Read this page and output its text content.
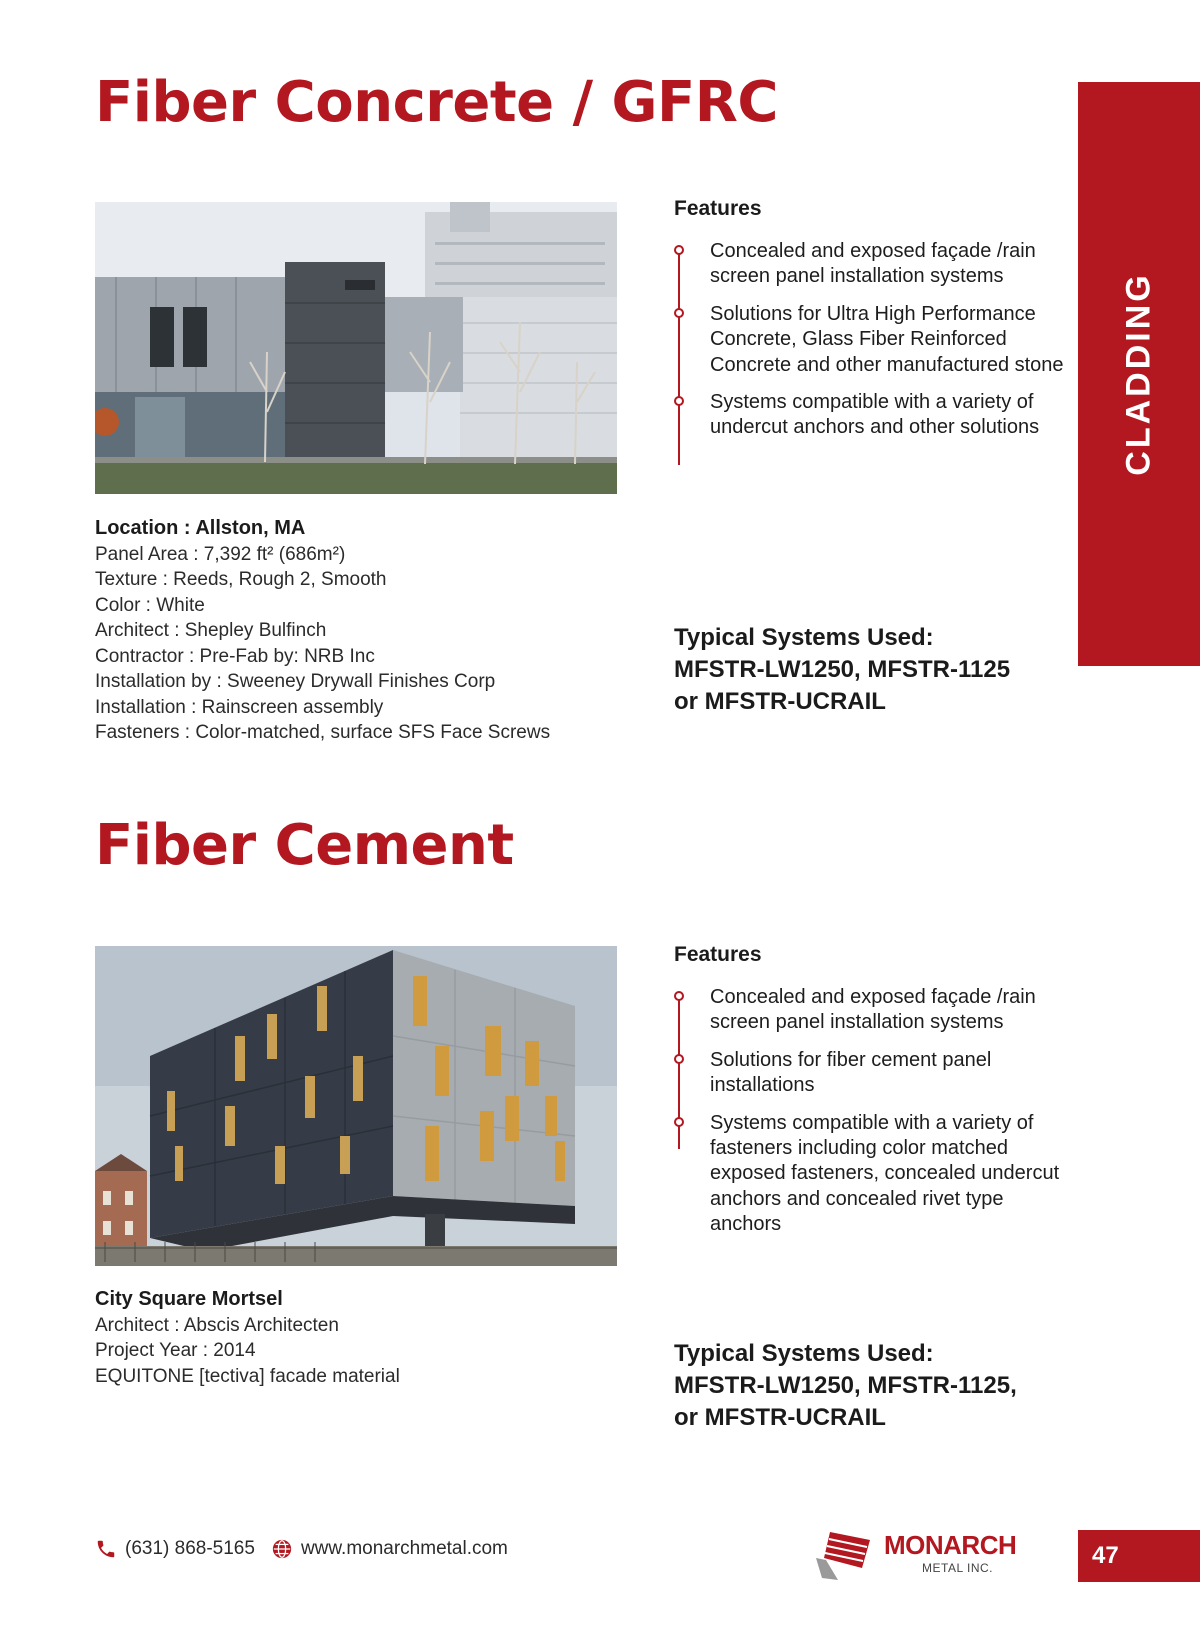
Fiber Concrete / GFRC
Location : Allston, MA
Panel Area : 7,392 ft² (686m²)
Texture : Reeds, Rough 2, Smooth
Color : White
Architect : Shepley Bulfinch
Contractor : Pre-Fab by: NRB Inc
Installation by : Sweeney Drywall Finishes Corp
Installation : Rainscreen assembly
Fasteners : Color-matched, surface SFS Face Screws
Features
Concealed and exposed façade /rain screen panel installation systems
Solutions for Ultra High Performance Concrete, Glass Fiber Reinforced Concrete and other manufactured stone
Systems compatible with a variety of undercut anchors and other solutions
Typical Systems Used:
MFSTR-LW1250, MFSTR-1125
or MFSTR-UCRAIL
Fiber Cement
City Square Mortsel
Architect : Abscis Architecten
Project Year : 2014
EQUITONE [tectiva] facade material
Features
Concealed and exposed façade /rain screen panel installation systems
Solutions for fiber cement panel installations
Systems compatible with a variety of fasteners including color matched exposed fasteners, concealed undercut anchors and concealed rivet type anchors
Typical Systems Used:
MFSTR-LW1250, MFSTR-1125,
or MFSTR-UCRAIL
CLADDING
(631) 868-5165 www.monarchmetal.com	MONARCH
METAL INC.	47
